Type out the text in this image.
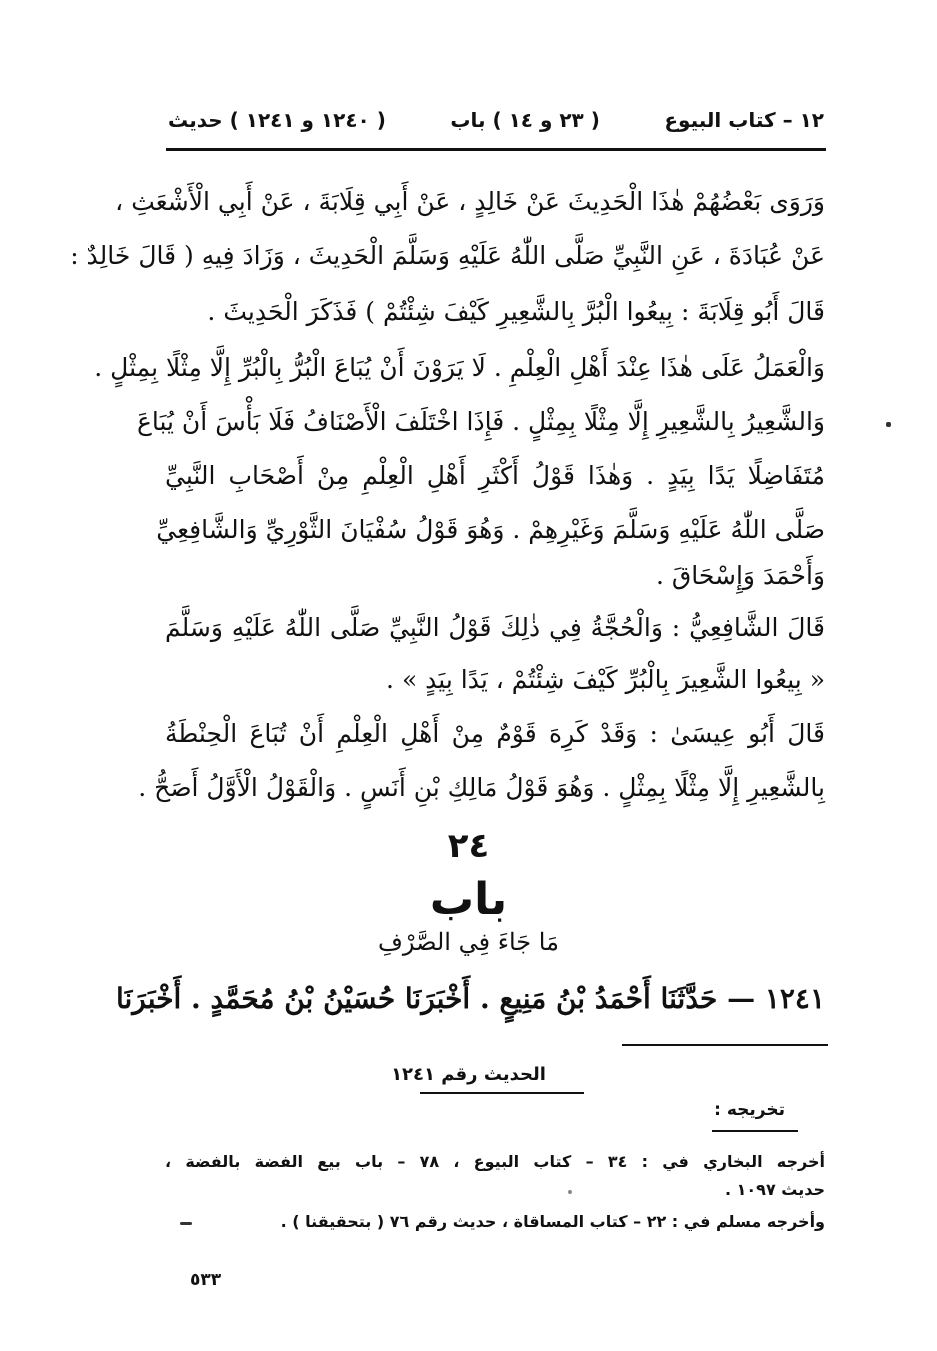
١٢ – كتاب البيوع
( ٢٣ و ١٤ ) باب
( ١٢٤٠ و ١٢٤١ ) حديث
وَرَوَى بَعْضُهُمْ هٰذَا الْحَدِيثَ عَنْ خَالِدٍ ، عَنْ أَبِي قِلَابَةَ ، عَنْ أَبِي الْأَشْعَثِ ،
عَنْ عُبَادَةَ ، عَنِ النَّبِيِّ صَلَّى اللّٰهُ عَلَيْهِ وَسَلَّمَ الْحَدِيثَ ، وَزَادَ فِيهِ ( قَالَ خَالِدٌ :
قَالَ أَبُو قِلَابَةَ : بِيعُوا الْبُرَّ بِالشَّعِيرِ كَيْفَ شِئْتُمْ ) فَذَكَرَ الْحَدِيثَ .
وَالْعَمَلُ عَلَى هٰذَا عِنْدَ أَهْلِ الْعِلْمِ . لَا يَرَوْنَ أَنْ يُبَاعَ الْبُرُّ بِالْبُرِّ إِلَّا مِثْلًا بِمِثْلٍ .
وَالشَّعِيرُ بِالشَّعِيرِ إِلَّا مِثْلًا بِمِثْلٍ . فَإِذَا اخْتَلَفَ الْأَصْنَافُ فَلَا بَأْسَ أَنْ يُبَاعَ
مُتَفَاضِلًا يَدًا بِيَدٍ . وَهٰذَا قَوْلُ أَكْثَرِ أَهْلِ الْعِلْمِ مِنْ أَصْحَابِ النَّبِيِّ
صَلَّى اللّٰهُ عَلَيْهِ وَسَلَّمَ وَغَيْرِهِمْ . وَهُوَ قَوْلُ سُفْيَانَ الثَّوْرِيِّ وَالشَّافِعِيِّ
وَأَحْمَدَ وَإِسْحَاقَ .
قَالَ الشَّافِعِيُّ : وَالْحُجَّةُ فِي ذٰلِكَ قَوْلُ النَّبِيِّ صَلَّى اللّٰهُ عَلَيْهِ وَسَلَّمَ
« بِيعُوا الشَّعِيرَ بِالْبُرِّ كَيْفَ شِئْتُمْ ، يَدًا بِيَدٍ » .
قَالَ أَبُو عِيسَىٰ : وَقَدْ كَرِهَ قَوْمٌ مِنْ أَهْلِ الْعِلْمِ أَنْ تُبَاعَ الْحِنْطَةُ
بِالشَّعِيرِ إِلَّا مِثْلًا بِمِثْلٍ . وَهُوَ قَوْلُ مَالِكِ بْنِ أَنَسٍ . وَالْقَوْلُ الْأَوَّلُ أَصَحُّ .
٢٤
باب
مَا جَاءَ فِي الصَّرْفِ
١٢٤١ — حَدَّثَنَا أَحْمَدُ بْنُ مَنِيعٍ . أَخْبَرَنَا حُسَيْنُ بْنُ مُحَمَّدٍ . أَخْبَرَنَا
الحديث رقم ١٢٤١
تخريجه :
أخرجه البخاري في : ٣٤ – كتاب البيوع ، ٧٨ – باب بيع الفضة بالفضة ،
حديث ١٠٩٧ .
وأخرجه مسلم في : ٢٢ – كتاب المساقاة ، حديث رقم ٧٦ ( بتحقيقنا ) .
٥٣٣
